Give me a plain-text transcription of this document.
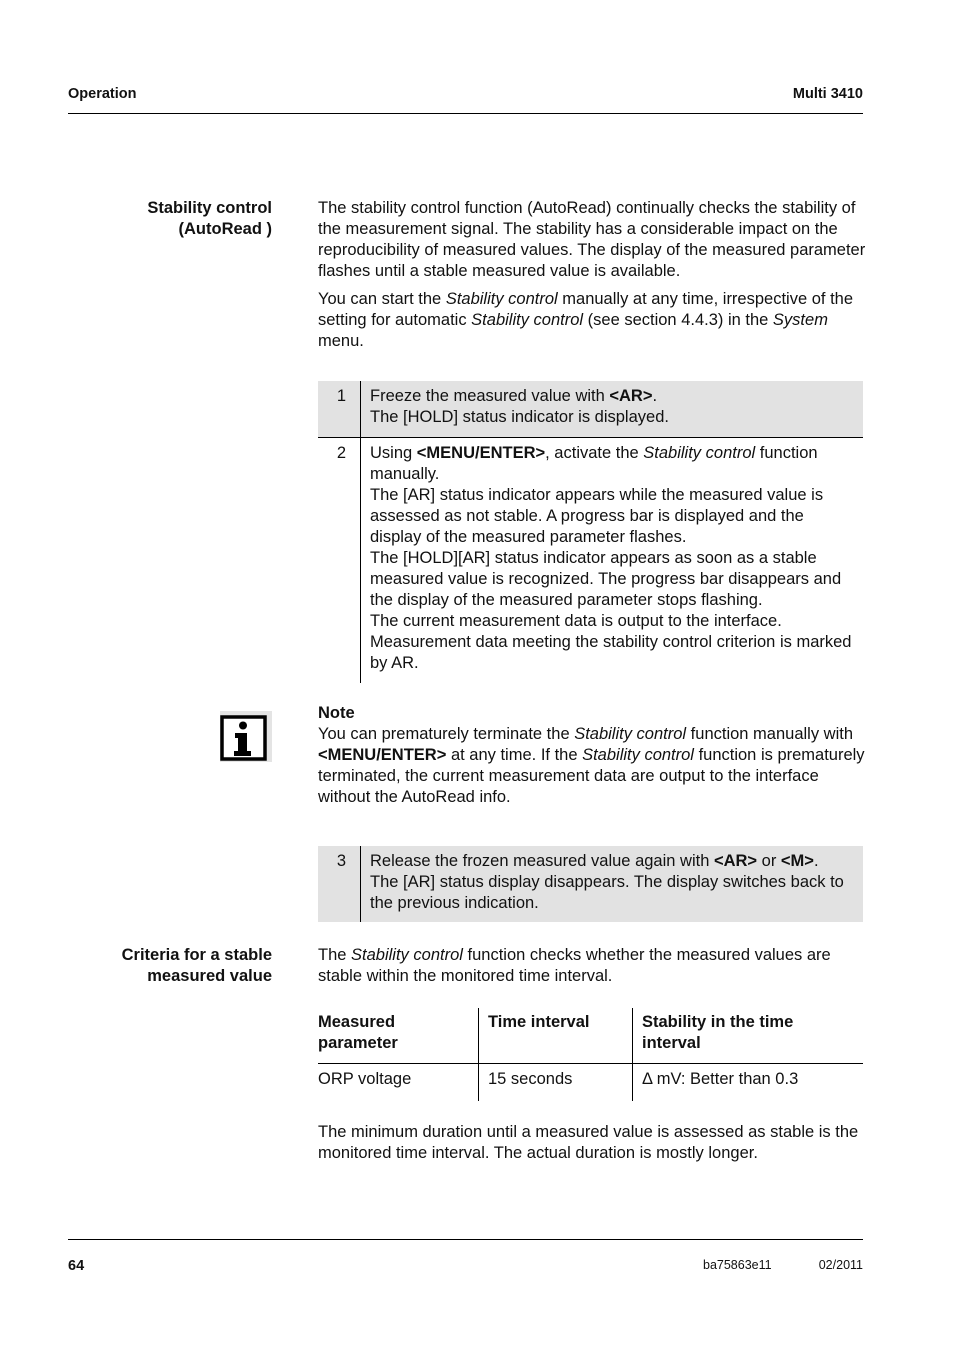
Operation	Multi 3410
Stability control
(AutoRead )

The stability control function (AutoRead) continually checks the stability of the measurement signal. The stability has a considerable impact on the reproducibility of measured values. The display of the measured parameter flashes until a stable measured value is available.

You can start the Stability control manually at any time, irrespective of the setting for automatic Stability control (see section 4.4.3) in the System menu.

1	Freeze the measured value with <AR>.
The [HOLD] status indicator is displayed.
2	Using <MENU/ENTER>, activate the Stability control function manually.
The [AR] status indicator appears while the measured value is assessed as not stable. A progress bar is displayed and the display of the measured parameter flashes.
The [HOLD][AR] status indicator appears as soon as a stable measured value is recognized. The progress bar disappears and the display of the measured parameter stops flashing.
The current measurement data is output to the interface. Measurement data meeting the stability control criterion is marked by AR.

Note

You can prematurely terminate the Stability control function manually with <MENU/ENTER> at any time. If the Stability control function is prematurely terminated, the current measurement data are output to the interface without the AutoRead info.

3	Release the frozen measured value again with <AR> or <M>.
The [AR] status display disappears. The display switches back to the previous indication.
Criteria for a stable
measured value

The Stability control function checks whether the measured values are stable within the monitored time interval.

Measured parameter	Time interval	Stability in the time interval
ORP voltage	15 seconds	Δ mV: Better than 0.3

The minimum duration until a measured value is assessed as stable is the monitored time interval. The actual duration is mostly longer.

64	ba75863e11	02/2011
